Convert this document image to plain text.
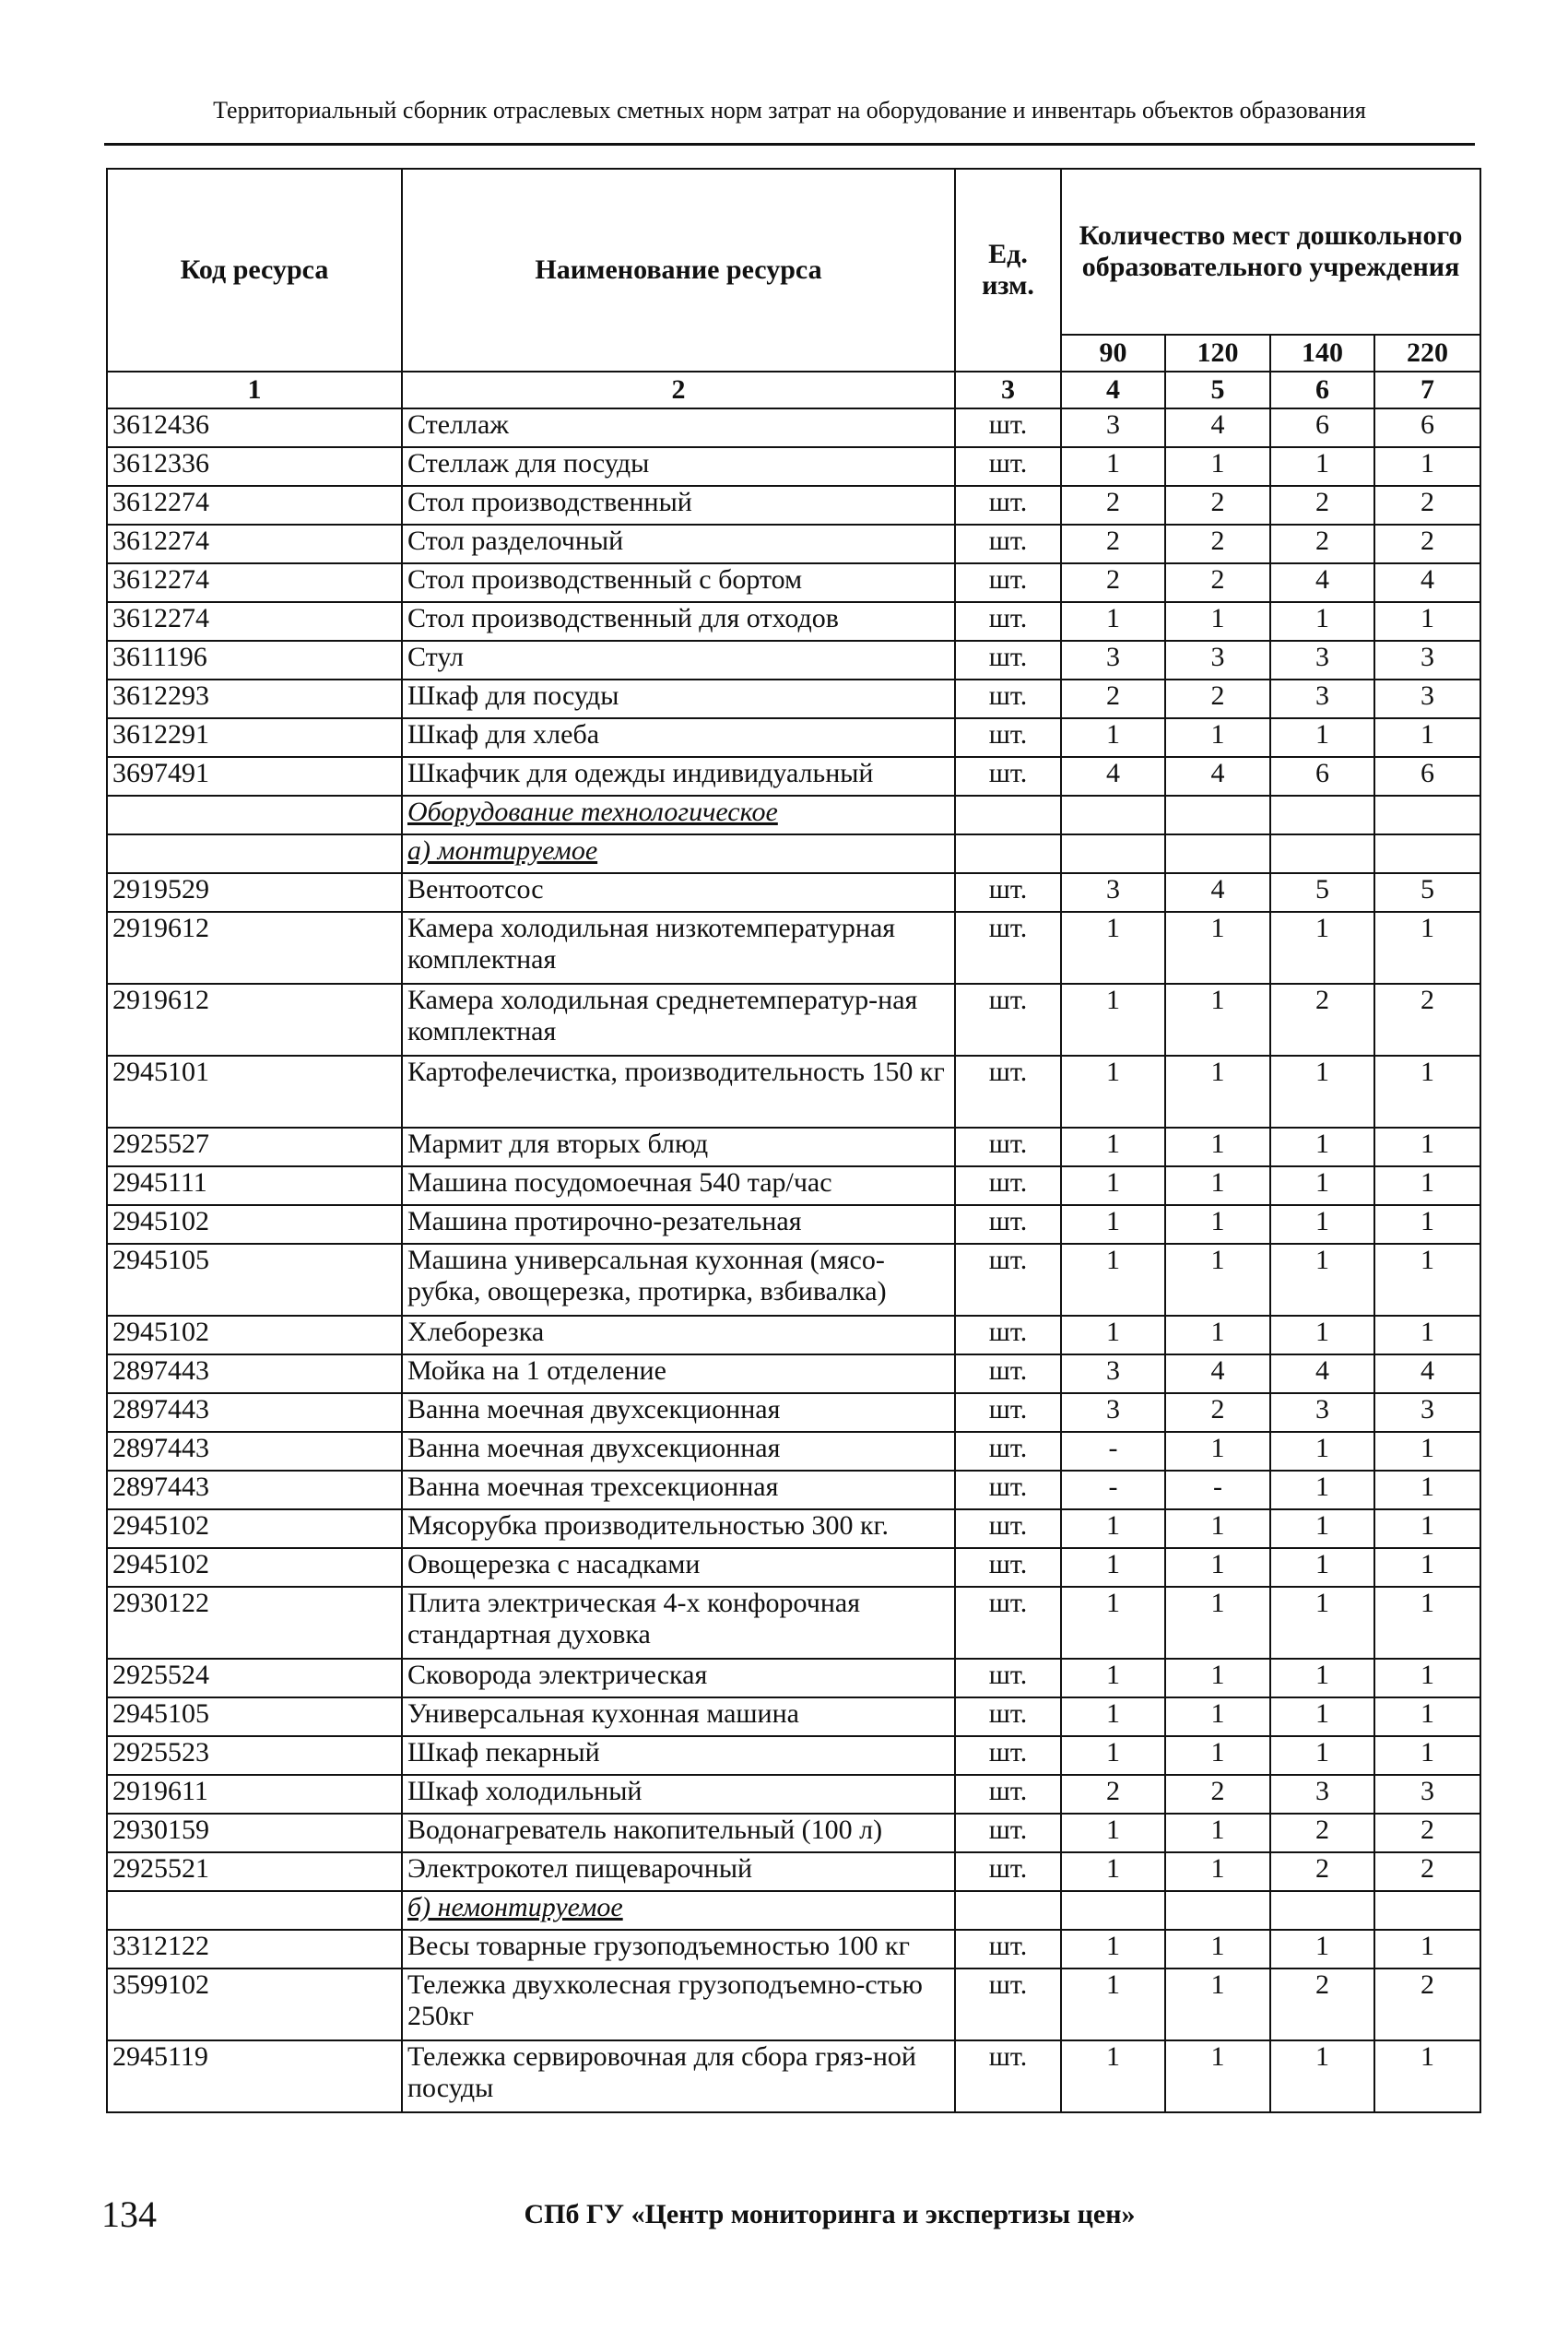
Территориальный сборник отраслевых сметных норм затрат на оборудование и инвентарь объектов образования
Код ресурса	Наименование ресурса	Ед. изм.	Количество мест дошкольного образовательного учреждения			
			90	120	140	220
1	2	3	4	5	6	7
3612436	Стеллаж	шт.	3	4	6	6
3612336	Стеллаж для посуды	шт.	1	1	1	1
3612274	Стол производственный	шт.	2	2	2	2
3612274	Стол разделочный	шт.	2	2	2	2
3612274	Стол производственный с бортом	шт.	2	2	4	4
3612274	Стол производственный для отходов	шт.	1	1	1	1
3611196	Стул	шт.	3	3	3	3
3612293	Шкаф для посуды	шт.	2	2	3	3
3612291	Шкаф для хлеба	шт.	1	1	1	1
3697491	Шкафчик для одежды индивидуальный	шт.	4	4	6	6
	Оборудование технологическое					
	а) монтируемое					
2919529	Вентоотсос	шт.	3	4	5	5
2919612	Камера холодильная низкотемпературная комплектная	шт.	1	1	1	1
2919612	Камера холодильная среднетемператур-ная комплектная	шт.	1	1	2	2
2945101	Картофелечистка, производительность 150 кг	шт.	1	1	1	1
2925527	Мармит для вторых блюд	шт.	1	1	1	1
2945111	Машина посудомоечная 540 тар/час	шт.	1	1	1	1
2945102	Машина протирочно-резательная	шт.	1	1	1	1
2945105	Машина универсальная кухонная (мясо-рубка, овощерезка, протирка, взбивалка)	шт.	1	1	1	1
2945102	Хлеборезка	шт.	1	1	1	1
2897443	Мойка на 1 отделение	шт.	3	4	4	4
2897443	Ванна моечная двухсекционная	шт.	3	2	3	3
2897443	Ванна моечная двухсекционная	шт.	-	1	1	1
2897443	Ванна моечная трехсекционная	шт.	-	-	1	1
2945102	Мясорубка производительностью 300 кг.	шт.	1	1	1	1
2945102	Овощерезка с насадками	шт.	1	1	1	1
2930122	Плита электрическая 4-х конфорочная стандартная духовка	шт.	1	1	1	1
2925524	Сковорода электрическая	шт.	1	1	1	1
2945105	Универсальная кухонная машина	шт.	1	1	1	1
2925523	Шкаф пекарный	шт.	1	1	1	1
2919611	Шкаф холодильный	шт.	2	2	3	3
2930159	Водонагреватель накопительный (100 л)	шт.	1	1	2	2
2925521	Электрокотел пищеварочный	шт.	1	1	2	2
	б) немонтируемое					
3312122	Весы товарные грузоподъемностью 100 кг	шт.	1	1	1	1
3599102	Тележка двухколесная грузоподъемно-стью 250кг	шт.	1	1	2	2
2945119	Тележка сервировочная для сбора гряз-ной посуды	шт.	1	1	1	1
134	СПб ГУ «Центр мониторинга и экспертизы цен»
